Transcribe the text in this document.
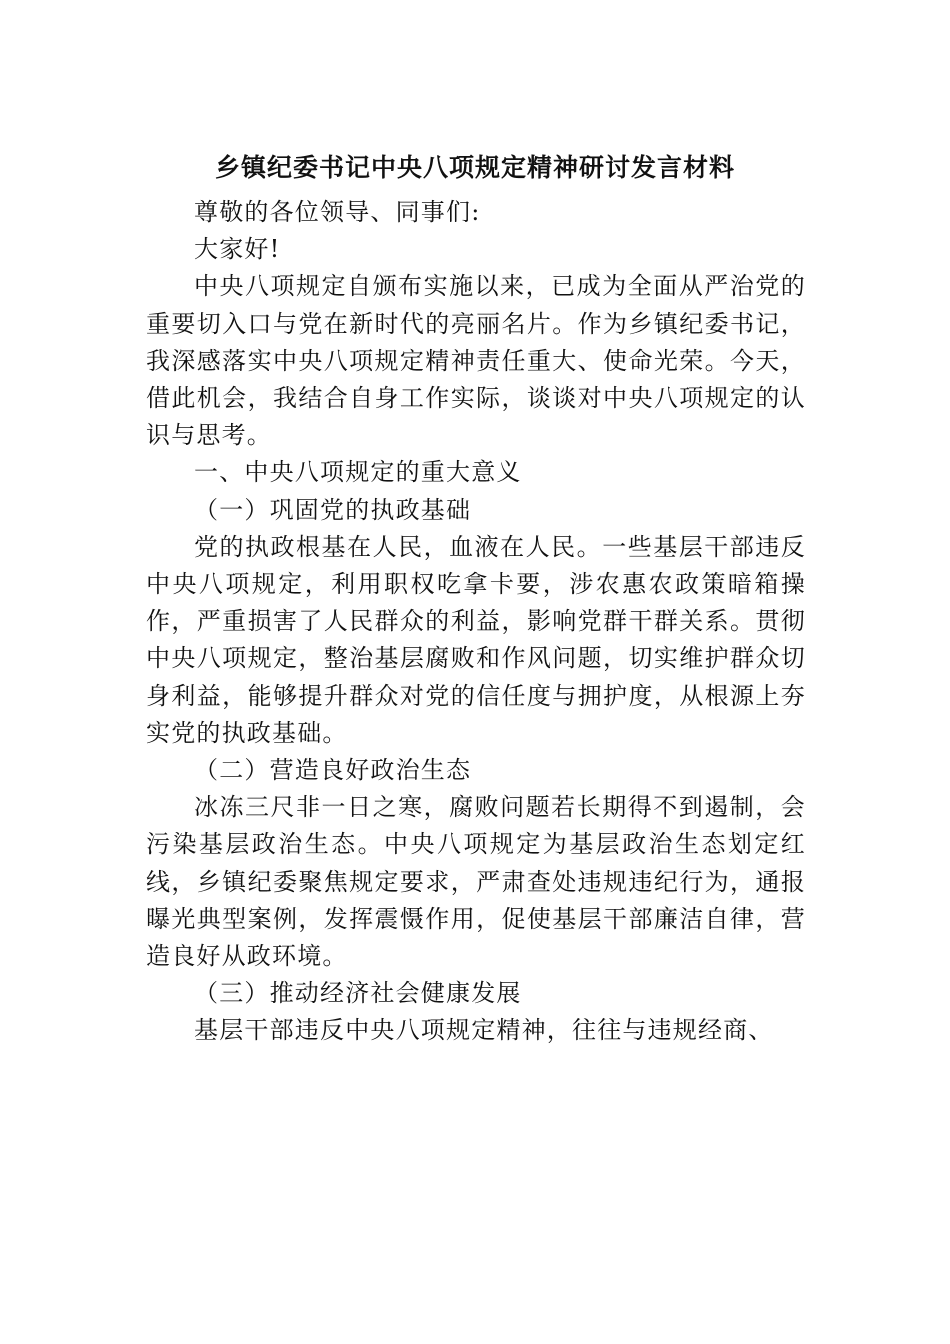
乡镇纪委书记中央八项规定精神研讨发言材料

尊敬的各位领导、同事们:

大家好!

中央八项规定自颁布实施以来，已成为全面从严治党的重要切入口与党在新时代的亮丽名片。作为乡镇纪委书记，我深感落实中央八项规定精神责任重大、使命光荣。今天，借此机会，我结合自身工作实际，谈谈对中央八项规定的认识与思考。

一、中央八项规定的重大意义

（一）巩固党的执政基础

党的执政根基在人民，血液在人民。一些基层干部违反中央八项规定，利用职权吃拿卡要，涉农惠农政策暗箱操作，严重损害了人民群众的利益，影响党群干群关系。贯彻中央八项规定，整治基层腐败和作风问题，切实维护群众切身利益，能够提升群众对党的信任度与拥护度，从根源上夯实党的执政基础。

（二）营造良好政治生态

冰冻三尺非一日之寒，腐败问题若长期得不到遏制，会污染基层政治生态。中央八项规定为基层政治生态划定红线，乡镇纪委聚焦规定要求，严肃查处违规违纪行为，通报曝光典型案例，发挥震慑作用，促使基层干部廉洁自律，营造良好从政环境。

（三）推动经济社会健康发展

基层干部违反中央八项规定精神，往往与违规经商、
